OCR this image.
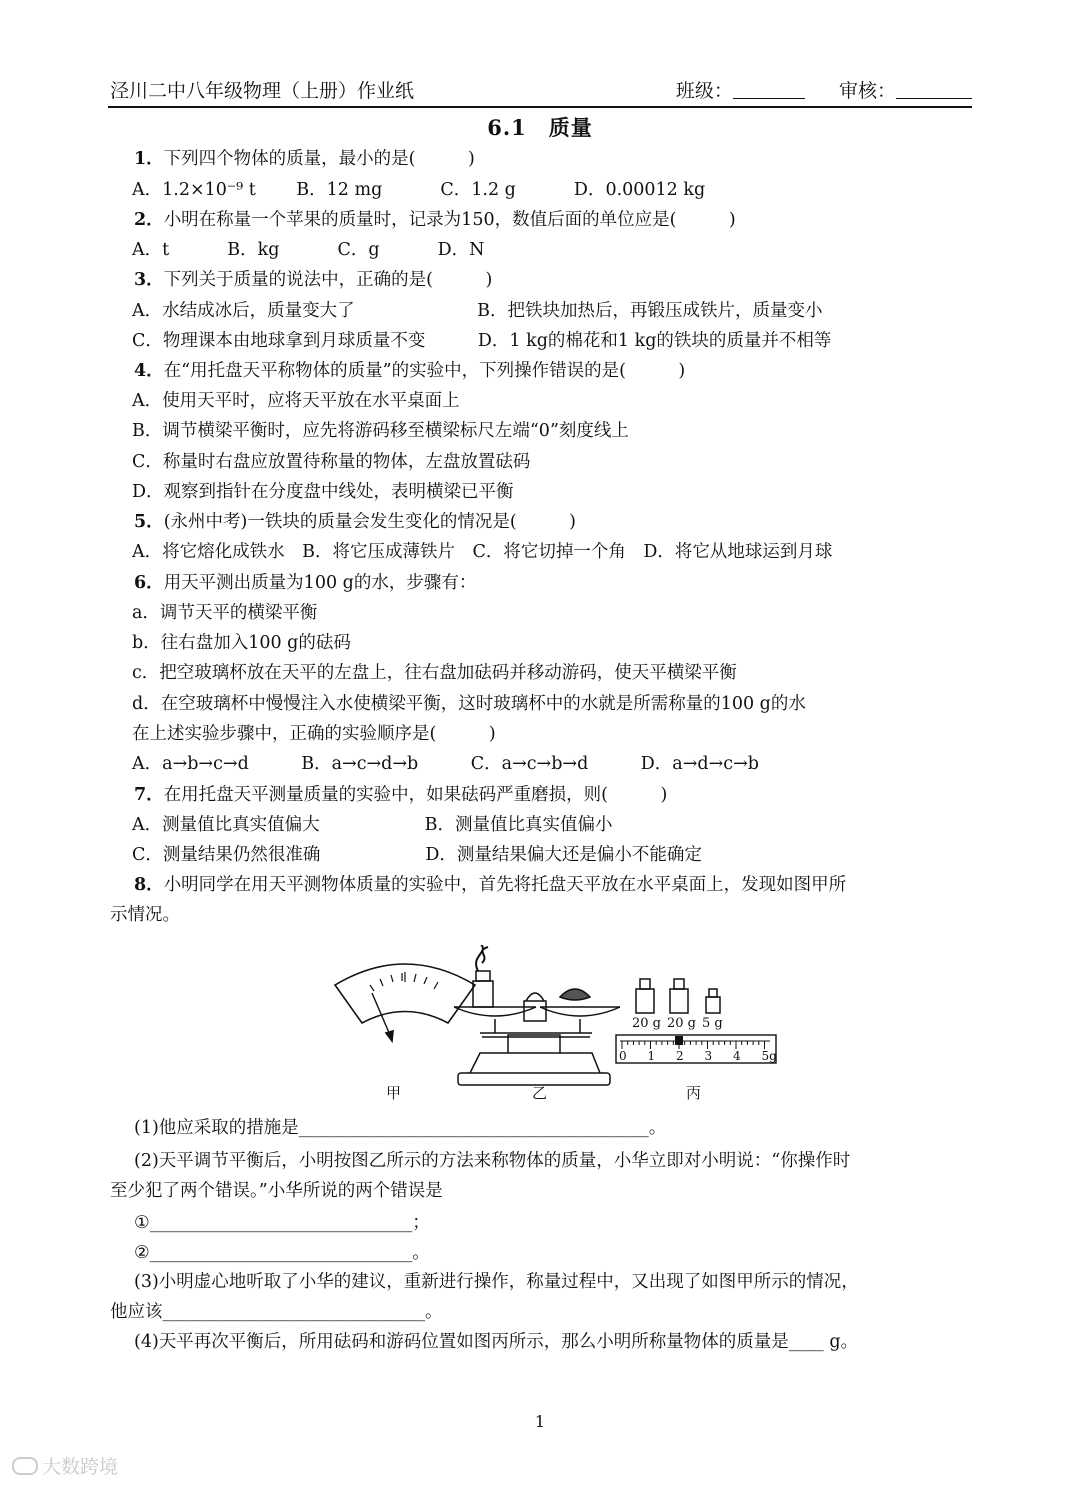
泾川二中八年级物理（上册）作业纸	班级：	审核：
6.1　质量
1．下列四个物体的质量，最小的是(　　　)
A．1.2×10⁻⁹ t　　 B．12 mg　　　 C．1.2 g　　　 D．0.00012 kg
2．小明在称量一个苹果的质量时，记录为150，数值后面的单位应是(　　　)
A．t　　　 B．kg　　　 C．g　　　 D．N
3．下列关于质量的说法中，正确的是(　　　)
A．水结成冰后，质量变大了　　　　　　　B．把铁块加热后，再锻压成铁片，质量变小
C．物理课本由地球拿到月球质量不变　　　D．1 kg的棉花和1 kg的铁块的质量并不相等
4．在“用托盘天平称物体的质量”的实验中，下列操作错误的是(　　　)
A．使用天平时，应将天平放在水平桌面上
B．调节横梁平衡时，应先将游码移至横梁标尺左端“0”刻度线上
C．称量时右盘应放置待称量的物体，左盘放置砝码
D．观察到指针在分度盘中线处，表明横梁已平衡
5．(永州中考)一铁块的质量会发生变化的情况是(　　　)
A．将它熔化成铁水　B．将它压成薄铁片　C．将它切掉一个角　D．将它从地球运到月球
6．用天平测出质量为100 g的水，步骤有：
a．调节天平的横梁平衡
b．往右盘加入100 g的砝码
c．把空玻璃杯放在天平的左盘上，往右盘加砝码并移动游码，使天平横梁平衡
d．在空玻璃杯中慢慢注入水使横梁平衡，这时玻璃杯中的水就是所需称量的100 g的水
在上述实验步骤中，正确的实验顺序是(　　　)
A．a→b→c→d　　　B．a→c→d→b　　　C．a→c→b→d　　　D．a→d→c→b
7．在用托盘天平测量质量的实验中，如果砝码严重磨损，则(　　　)
A．测量值比真实值偏大　　　　　　B．测量值比真实值偏小
C．测量结果仍然很准确　　　　　　D．测量结果偏大还是偏小不能确定
8．小明同学在用天平测物体质量的实验中，首先将托盘天平放在水平桌面上，发现如图甲所
示情况。
(1)他应采取的措施是________________________________________。
(2)天平调节平衡后，小明按图乙所示的方法来称物体的质量，小华立即对小明说：“你操作时
至少犯了两个错误。”小华所说的两个错误是
①______________________________；
②______________________________。
(3)小明虚心地听取了小华的建议，重新进行操作，称量过程中，又出现了如图甲所示的情况，
他应该______________________________。
(4)天平再次平衡后，所用砝码和游码位置如图丙所示，那么小明所称量物体的质量是____ g。
20 g 20 g 5 g
0 1 2 3 4 5g
甲	乙	丙
1
大数跨境
